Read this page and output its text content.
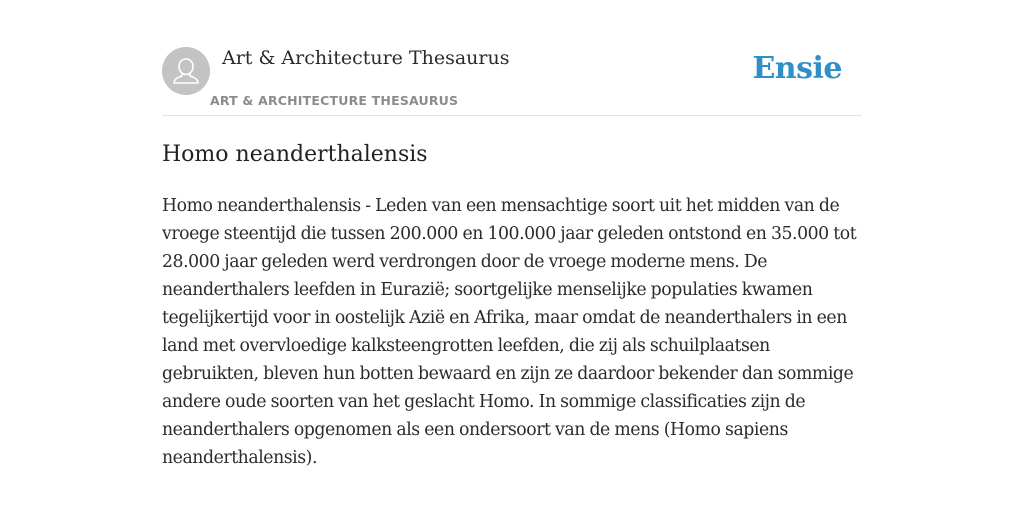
Art & Architecture Thesaurus
ART & ARCHITECTURE THESAURUS
Ensie
Homo neanderthalensis

Homo neanderthalensis - Leden van een mensachtige soort uit het midden van de vroege steentijd die tussen 200.000 en 100.000 jaar geleden ontstond en 35.000 tot 28.000 jaar geleden werd verdrongen door de vroege moderne mens. De neanderthalers leefden in Eurazië; soortgelijke menselijke populaties kwamen tegelijkertijd voor in oostelijk Azië en Afrika, maar omdat de neanderthalers in een land met overvloedige kalksteengrotten leefden, die zij als schuilplaatsen gebruikten, bleven hun botten bewaard en zijn ze daardoor bekender dan sommige andere oude soorten van het geslacht Homo. In sommige classificaties zijn de neanderthalers opgenomen als een ondersoort van de mens (Homo sapiens neanderthalensis).
